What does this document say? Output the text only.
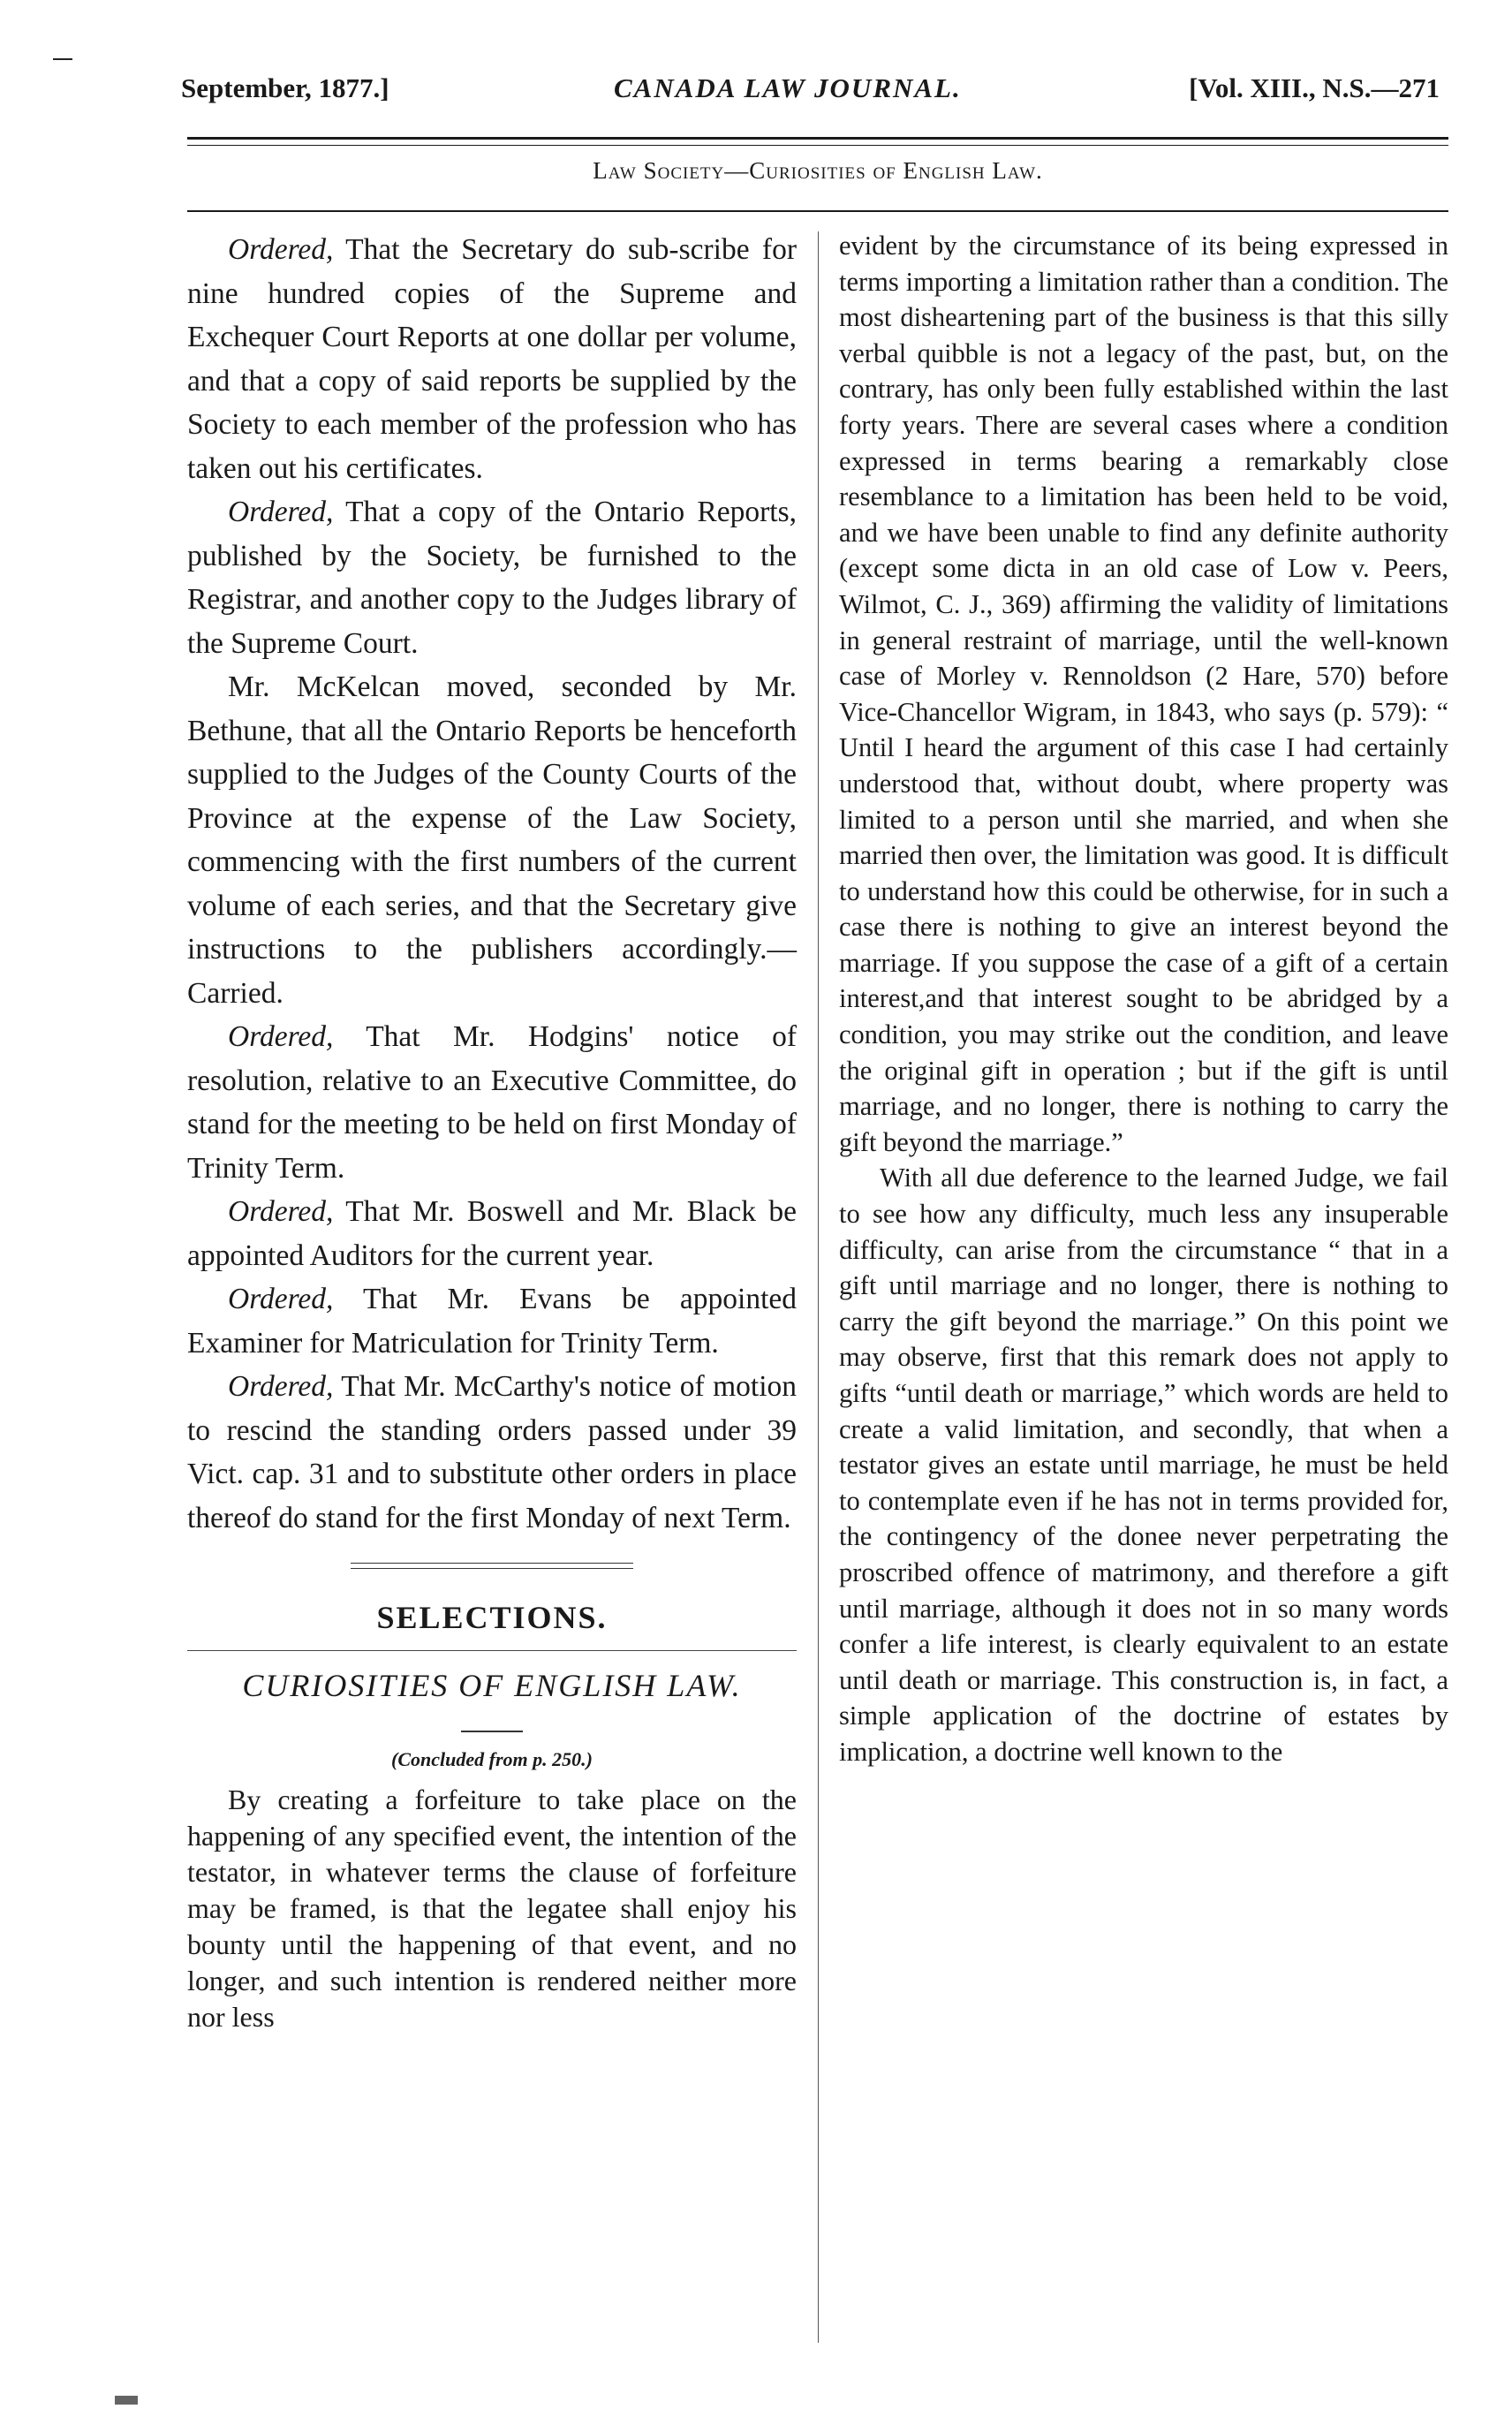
September, 1877.]	CANADA LAW JOURNAL.	[Vol. XIII., N.S.—271
Law Society—Curiosities of English Law.

Ordered, That the Secretary do sub-scribe for nine hundred copies of the Supreme and Exchequer Court Reports at one dollar per volume, and that a copy of said reports be supplied by the Society to each member of the profession who has taken out his certificates.

Ordered, That a copy of the Ontario Reports, published by the Society, be furnished to the Registrar, and another copy to the Judges library of the Supreme Court.

Mr. McKelcan moved, seconded by Mr. Bethune, that all the Ontario Reports be henceforth supplied to the Judges of the County Courts of the Province at the expense of the Law Society, commencing with the first numbers of the current volume of each series, and that the Secretary give instructions to the publishers accordingly.—Carried.

Ordered, That Mr. Hodgins' notice of resolution, relative to an Executive Committee, do stand for the meeting to be held on first Monday of Trinity Term.

Ordered, That Mr. Boswell and Mr. Black be appointed Auditors for the current year.

Ordered, That Mr. Evans be appointed Examiner for Matriculation for Trinity Term.

Ordered, That Mr. McCarthy's notice of motion to rescind the standing orders passed under 39 Vict. cap. 31 and to substitute other orders in place thereof do stand for the first Monday of next Term.

SELECTIONS.
CURIOSITIES OF ENGLISH LAW.
(Concluded from p. 250.)

By creating a forfeiture to take place on the happening of any specified event, the intention of the testator, in whatever terms the clause of forfeiture may be framed, is that the legatee shall enjoy his bounty until the happening of that event, and no longer, and such intention is rendered neither more nor less

evident by the circumstance of its being expressed in terms importing a limitation rather than a condition. The most disheartening part of the business is that this silly verbal quibble is not a legacy of the past, but, on the contrary, has only been fully established within the last forty years. There are several cases where a condition expressed in terms bearing a remarkably close resemblance to a limitation has been held to be void, and we have been unable to find any definite authority (except some dicta in an old case of Low v. Peers, Wilmot, C. J., 369) affirming the validity of limitations in general restraint of marriage, until the well-known case of Morley v. Rennoldson (2 Hare, 570) before Vice-Chancellor Wigram, in 1843, who says (p. 579): “ Until I heard the argument of this case I had certainly understood that, without doubt, where property was limited to a person until she married, and when she married then over, the limitation was good. It is difficult to understand how this could be otherwise, for in such a case there is nothing to give an interest beyond the marriage. If you suppose the case of a gift of a certain interest,and that interest sought to be abridged by a condition, you may strike out the condition, and leave the original gift in operation ; but if the gift is until marriage, and no longer, there is nothing to carry the gift beyond the marriage.”

With all due deference to the learned Judge, we fail to see how any difficulty, much less any insuperable difficulty, can arise from the circumstance “ that in a gift until marriage and no longer, there is nothing to carry the gift beyond the marriage.” On this point we may observe, first that this remark does not apply to gifts “until death or marriage,” which words are held to create a valid limitation, and secondly, that when a testator gives an estate until marriage, he must be held to contemplate even if he has not in terms provided for, the contingency of the donee never perpetrating the proscribed offence of matrimony, and therefore a gift until marriage, although it does not in so many words confer a life interest, is clearly equivalent to an estate until death or marriage. This construction is, in fact, a simple application of the doctrine of estates by implication, a doctrine well known to the
